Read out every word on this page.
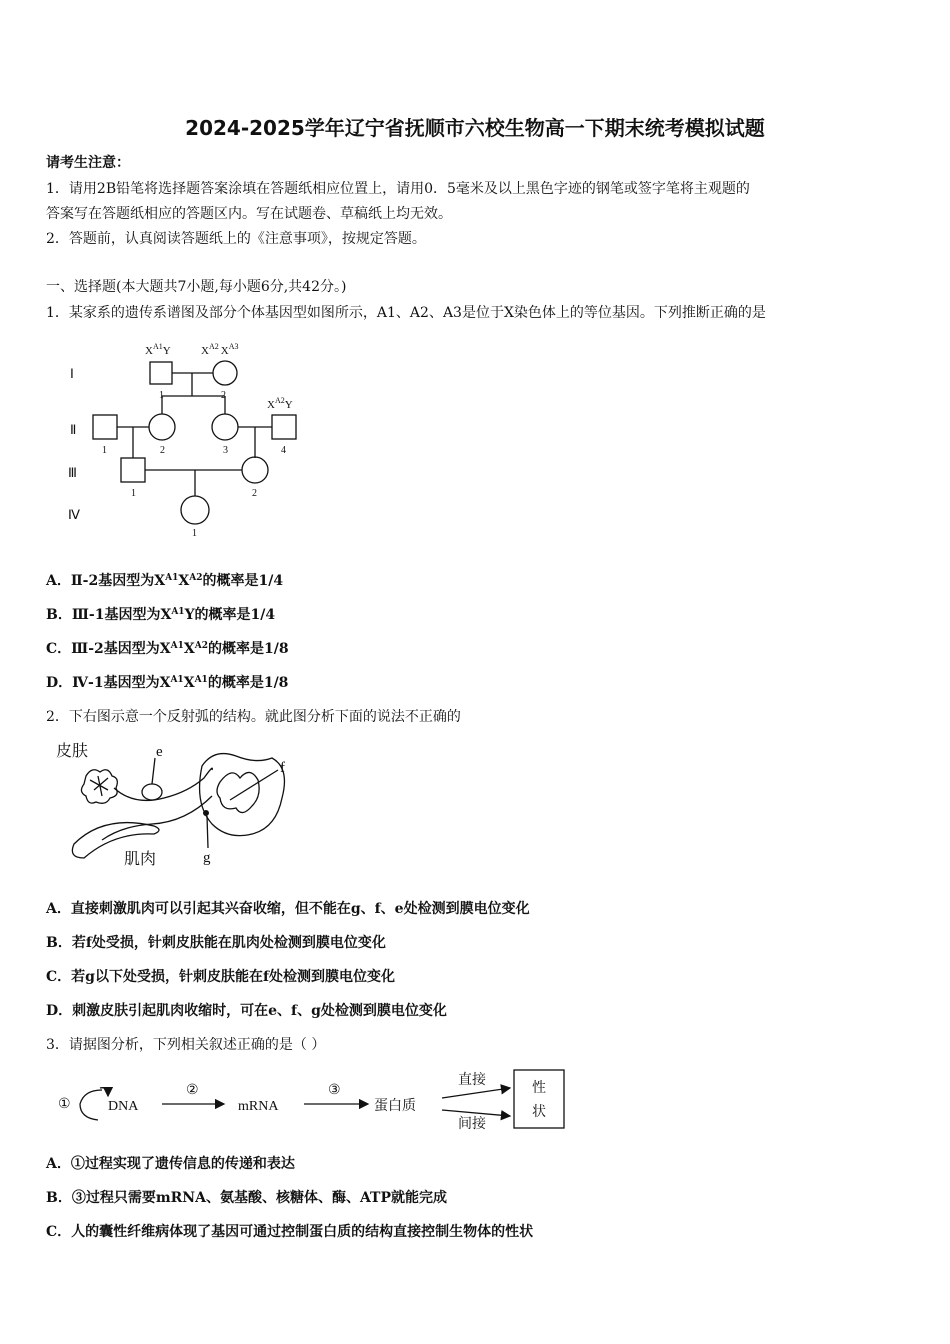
2024-2025学年辽宁省抚顺市六校生物高一下期末统考模拟试题
请考生注意：
1．请用2B铅笔将选择题答案涂填在答题纸相应位置上，请用0．5毫米及以上黑色字迹的钢笔或签字笔将主观题的
答案写在答题纸相应的答题区内。写在试题卷、草稿纸上均无效。
2．答题前，认真阅读答题纸上的《注意事项》，按规定答题。
一、选择题(本大题共7小题,每小题6分,共42分。)
1．某家系的遗传系谱图及部分个体基因型如图所示，A1、A2、A3是位于X染色体上的等位基因。下列推断正确的是
Ⅰ
Ⅱ
Ⅲ
Ⅳ
$X^{A1}Y$	$X^{A2}$ $X^{A3}$
$X^{A2}Y$
1	2
1	2	3	4
1	2
1
A．Ⅱ-2基因型为$X^{A1}X^{A2}$的概率是1/4
B．Ⅲ-1基因型为$X^{A1}Y$的概率是1/4
C．Ⅲ-2基因型为$X^{A1}X^{A2}$的概率是1/8
D．Ⅳ-1基因型为$X^{A1}X^{A1}$的概率是1/8
2．下右图示意一个反射弧的结构。就此图分析下面的说法不正确的
皮肤
肌肉
e
f
g
A．直接刺激肌肉可以引起其兴奋收缩，但不能在g、f、e处检测到膜电位变化
B．若f处受损，针刺皮肤能在肌肉处检测到膜电位变化
C．若g以下处受损，针刺皮肤能在f处检测到膜电位变化
D．刺激皮肤引起肌肉收缩时，可在e、f、g处检测到膜电位变化
3．请据图分析，下列相关叙述正确的是（ ）
①	DNA
②
mRNA
③
蛋白质
直接
间接
性
状
A．①过程实现了遗传信息的传递和表达
B．③过程只需要mRNA、氨基酸、核糖体、酶、ATP就能完成
C．人的囊性纤维病体现了基因可通过控制蛋白质的结构直接控制生物体的性状
